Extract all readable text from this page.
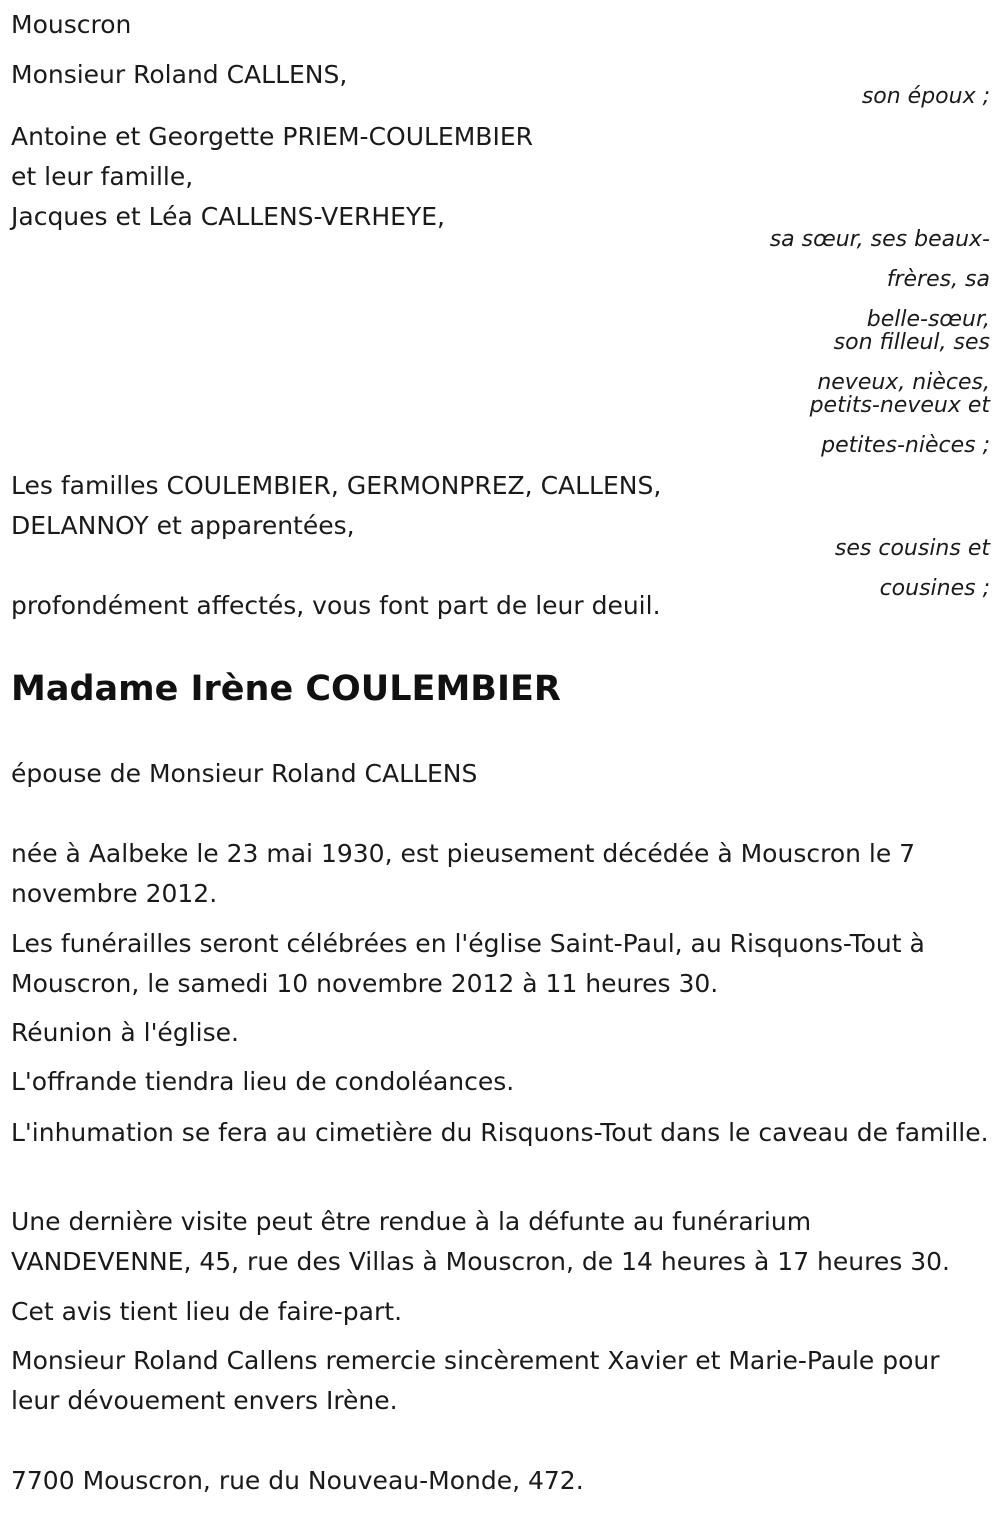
Mouscron

Monsieur Roland CALLENS,

son époux ;

Antoine et Georgette PRIEM-COULEMBIER

et leur famille,

Jacques et Léa CALLENS-VERHEYE,

sa sœur, ses beaux-

frères, sa

belle-sœur,

son filleul, ses

neveux, nièces,

petits-neveux et

petites-nièces ;

Les familles COULEMBIER, GERMONPREZ, CALLENS,

DELANNOY et apparentées,

ses cousins et

cousines ;

profondément affectés, vous font part de leur deuil.

Madame Irène COULEMBIER

épouse de Monsieur Roland CALLENS

née à Aalbeke le 23 mai 1930, est pieusement décédée à Mouscron le 7 novembre 2012.

Les funérailles seront célébrées en l'église Saint-Paul, au Risquons-Tout à Mouscron, le samedi 10 novembre 2012 à 11 heures 30.

Réunion à l'église.

L'offrande tiendra lieu de condoléances.

L'inhumation se fera au cimetière du Risquons-Tout dans le caveau de famille.

Une dernière visite peut être rendue à la défunte au funérarium VANDEVENNE, 45, rue des Villas à Mouscron, de 14 heures à 17 heures 30.

Cet avis tient lieu de faire-part.

Monsieur Roland Callens remercie sincèrement Xavier et Marie-Paule pour leur dévouement envers Irène.

7700 Mouscron, rue du Nouveau-Monde, 472.
